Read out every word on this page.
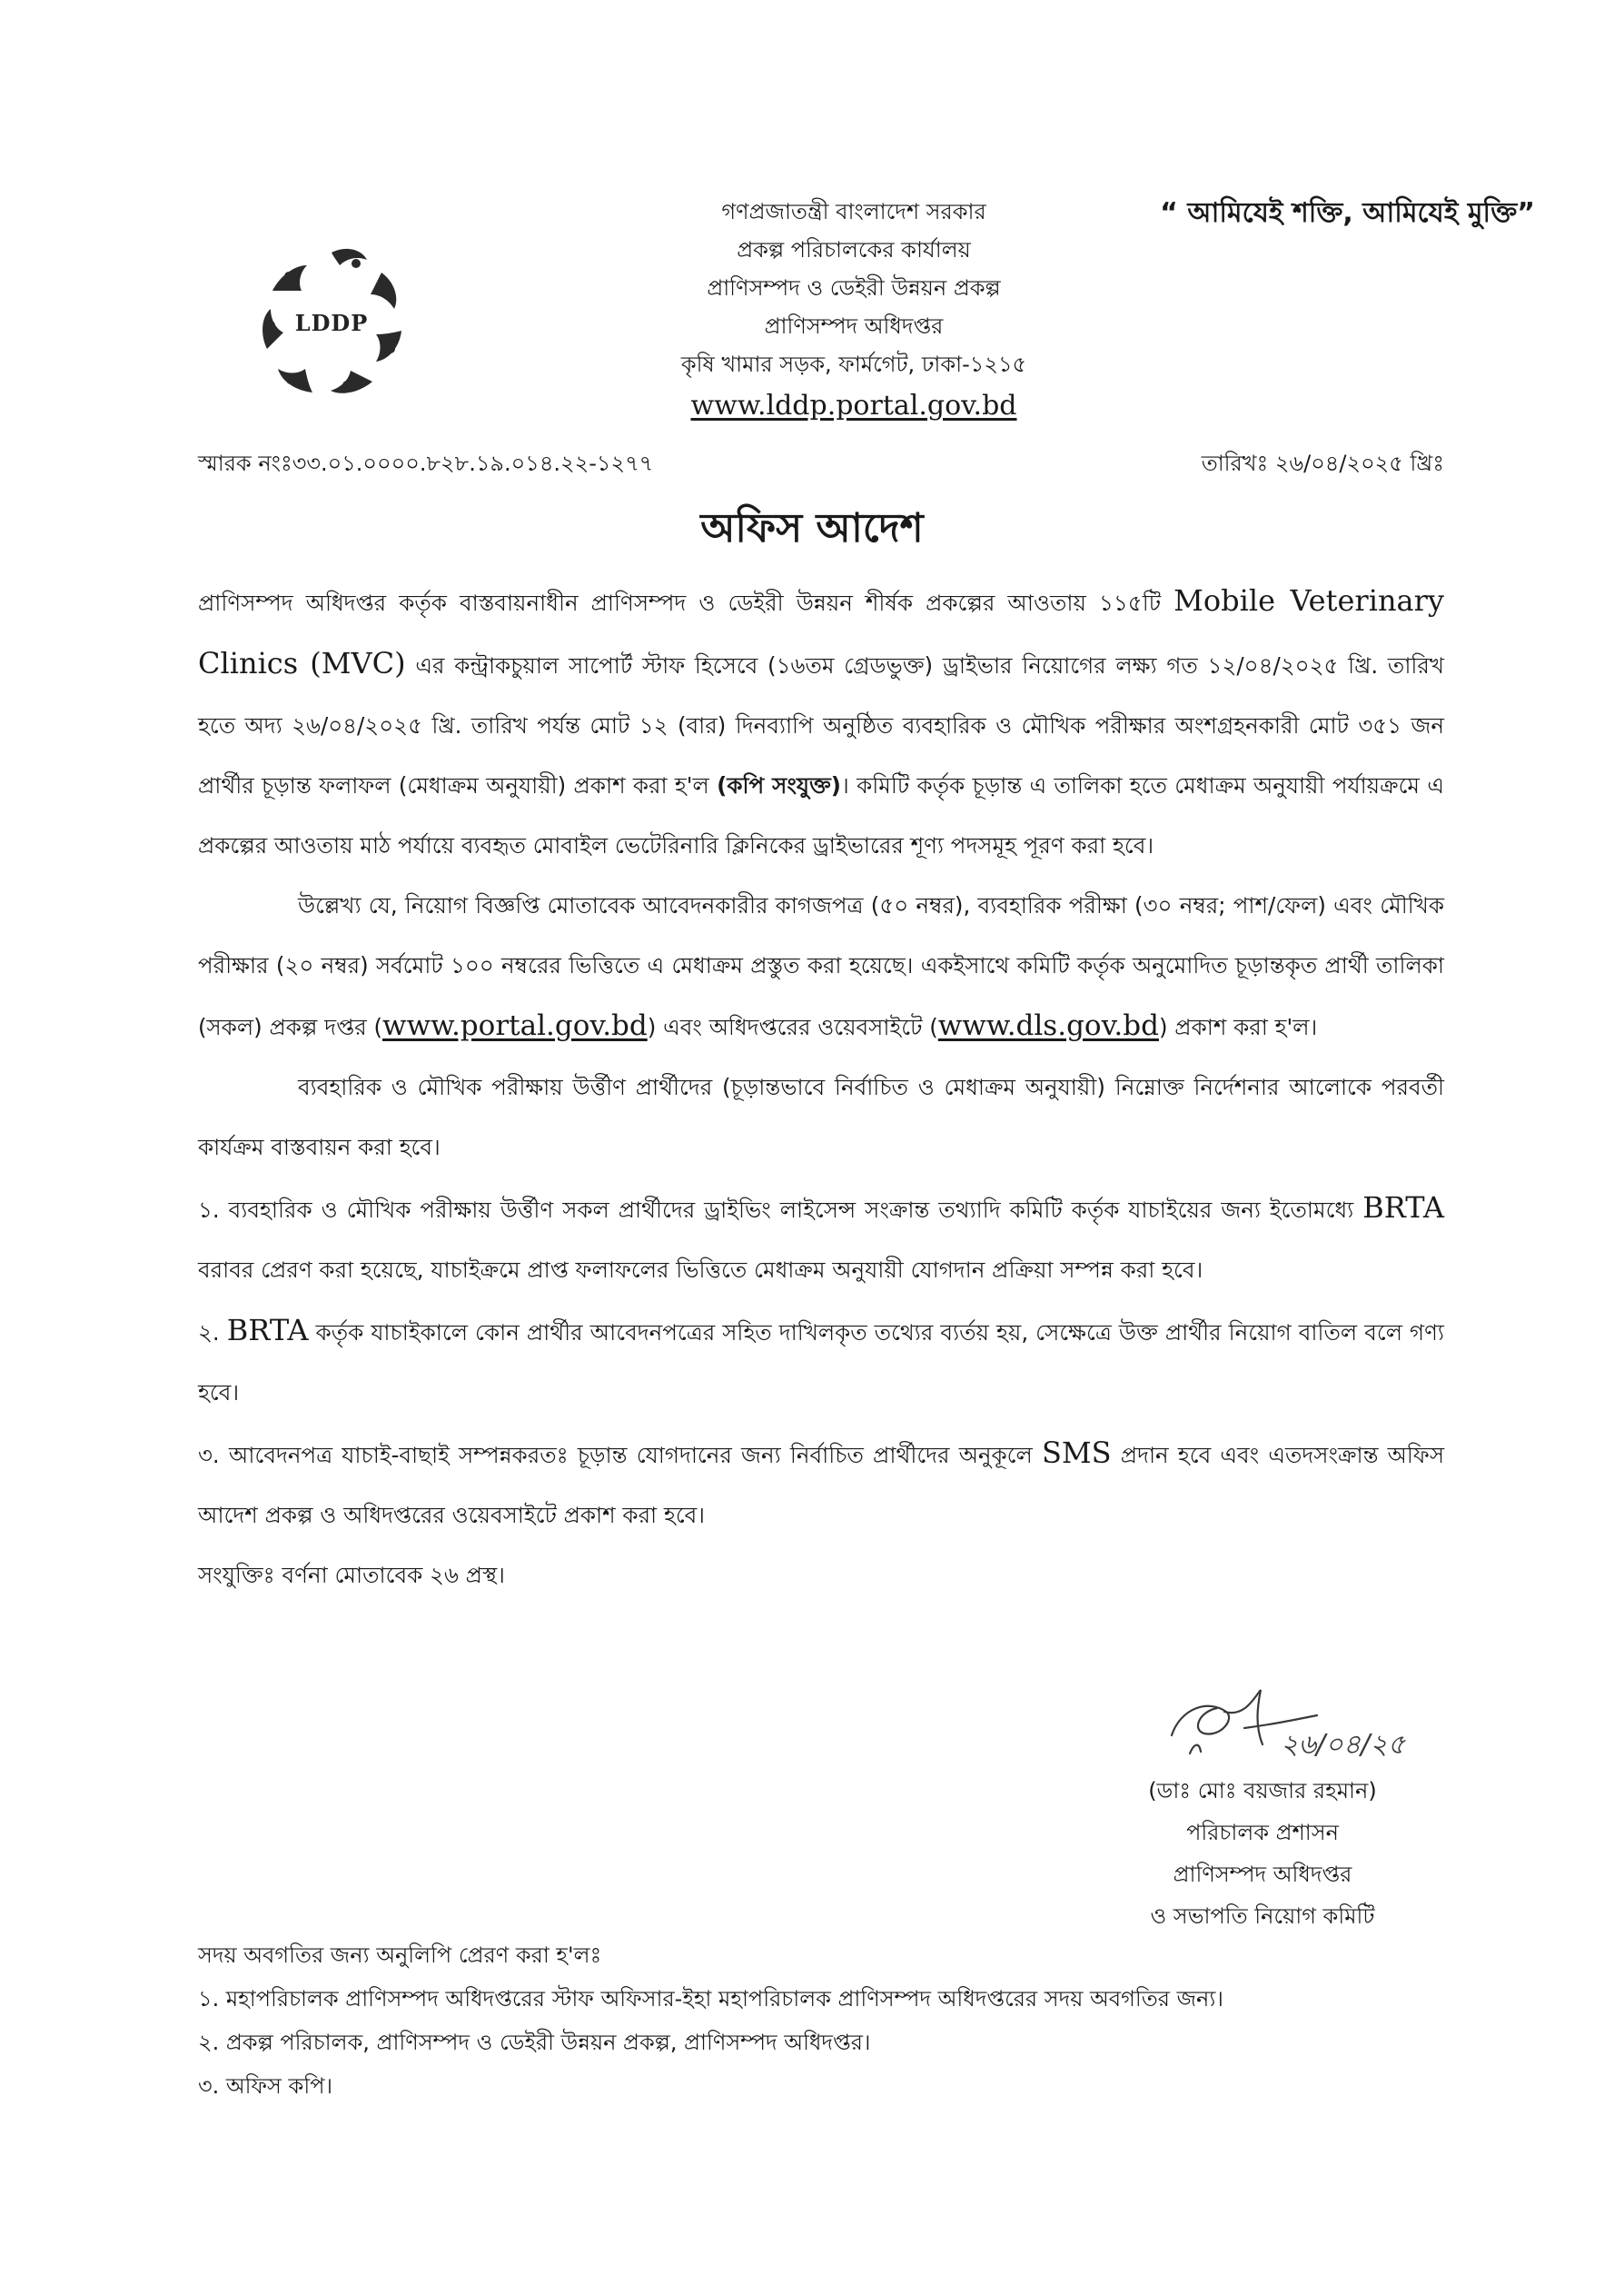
LDDP
“ আমিযেই শক্তি, আমিযেই মুক্তি”
গণপ্রজাতন্ত্রী বাংলাদেশ সরকার
প্রকল্প পরিচালকের কার্যালয়
প্রাণিসম্পদ ও ডেইরী উন্নয়ন প্রকল্প
প্রাণিসম্পদ অধিদপ্তর
কৃষি খামার সড়ক, ফার্মগেট, ঢাকা-১২১৫
www.lddp.portal.gov.bd
স্মারক নংঃ৩৩.০১.০০০০.৮২৮.১৯.০১৪.২২-১২৭৭	তারিখঃ ২৬/০৪/২০২৫ খ্রিঃ
অফিস আদেশ

প্রাণিসম্পদ অধিদপ্তর কর্তৃক বাস্তবায়নাধীন প্রাণিসম্পদ ও ডেইরী উন্নয়ন শীর্ষক প্রকল্পের আওতায় ১১৫টি Mobile Veterinary Clinics (MVC) এর কন্ট্রাকচুয়াল সাপোর্ট স্টাফ হিসেবে (১৬তম গ্রেডভুক্ত) ড্রাইভার নিয়োগের লক্ষ্য গত ১২/০৪/২০২৫ খ্রি. তারিখ হতে অদ্য ২৬/০৪/২০২৫ খ্রি. তারিখ পর্যন্ত মোট ১২ (বার) দিনব্যাপি অনুষ্ঠিত ব্যবহারিক ও মৌখিক পরীক্ষার অংশগ্রহনকারী মোট ৩৫১ জন প্রার্থীর চূড়ান্ত ফলাফল (মেধাক্রম অনুযায়ী) প্রকাশ করা হ'ল (কপি সংযুক্ত)। কমিটি কর্তৃক চূড়ান্ত এ তালিকা হতে মেধাক্রম অনুযায়ী পর্যায়ক্রমে এ প্রকল্পের আওতায় মাঠ পর্যায়ে ব্যবহৃত মোবাইল ভেটেরিনারি ক্লিনিকের ড্রাইভারের শূণ্য পদসমূহ পূরণ করা হবে।

উল্লেখ্য যে, নিয়োগ বিজ্ঞপ্তি মোতাবেক আবেদনকারীর কাগজপত্র (৫০ নম্বর), ব্যবহারিক পরীক্ষা (৩০ নম্বর; পাশ/ফেল) এবং মৌখিক পরীক্ষার (২০ নম্বর) সর্বমোট ১০০ নম্বরের ভিত্তিতে এ মেধাক্রম প্রস্তুত করা হয়েছে। একইসাথে কমিটি কর্তৃক অনুমোদিত চূড়ান্তকৃত প্রার্থী তালিকা (সকল) প্রকল্প দপ্তর (www.portal.gov.bd) এবং অধিদপ্তরের ওয়েবসাইটে (www.dls.gov.bd) প্রকাশ করা হ'ল।

ব্যবহারিক ও মৌখিক পরীক্ষায় উর্ত্তীণ প্রার্থীদের (চূড়ান্তভাবে নির্বাচিত ও মেধাক্রম অনুযায়ী) নিম্নোক্ত নির্দেশনার আলোকে পরবর্তী কার্যক্রম বাস্তবায়ন করা হবে।

১. ব্যবহারিক ও মৌখিক পরীক্ষায় উর্ত্তীণ সকল প্রার্থীদের ড্রাইভিং লাইসেন্স সংক্রান্ত তথ্যাদি কমিটি কর্তৃক যাচাইয়ের জন্য ইতোমধ্যে BRTA বরাবর প্রেরণ করা হয়েছে, যাচাইক্রমে প্রাপ্ত ফলাফলের ভিত্তিতে মেধাক্রম অনুযায়ী যোগদান প্রক্রিয়া সম্পন্ন করা হবে।

২. BRTA কর্তৃক যাচাইকালে কোন প্রার্থীর আবেদনপত্রের সহিত দাখিলকৃত তথ্যের ব্যর্তয় হয়, সেক্ষেত্রে উক্ত প্রার্থীর নিয়োগ বাতিল বলে গণ্য হবে।

৩. আবেদনপত্র যাচাই-বাছাই সম্পন্নকরতঃ চূড়ান্ত যোগদানের জন্য নির্বাচিত প্রার্থীদের অনুকূলে SMS প্রদান হবে এবং এতদসংক্রান্ত অফিস আদেশ প্রকল্প ও অধিদপ্তরের ওয়েবসাইটে প্রকাশ করা হবে।

সংযুক্তিঃ বর্ণনা মোতাবেক ২৬ প্রস্থ।

২৬/০৪/২৫
(ডাঃ মোঃ বয়জার রহমান)
পরিচালক প্রশাসন
প্রাণিসম্পদ অধিদপ্তর
ও সভাপতি নিয়োগ কমিটি
সদয় অবগতির জন্য অনুলিপি প্রেরণ করা হ'লঃ
১. মহাপরিচালক প্রাণিসম্পদ অধিদপ্তরের স্টাফ অফিসার-ইহা মহাপরিচালক প্রাণিসম্পদ অধিদপ্তরের সদয় অবগতির জন্য।
২. প্রকল্প পরিচালক, প্রাণিসম্পদ ও ডেইরী উন্নয়ন প্রকল্প, প্রাণিসম্পদ অধিদপ্তর।
৩. অফিস কপি।
